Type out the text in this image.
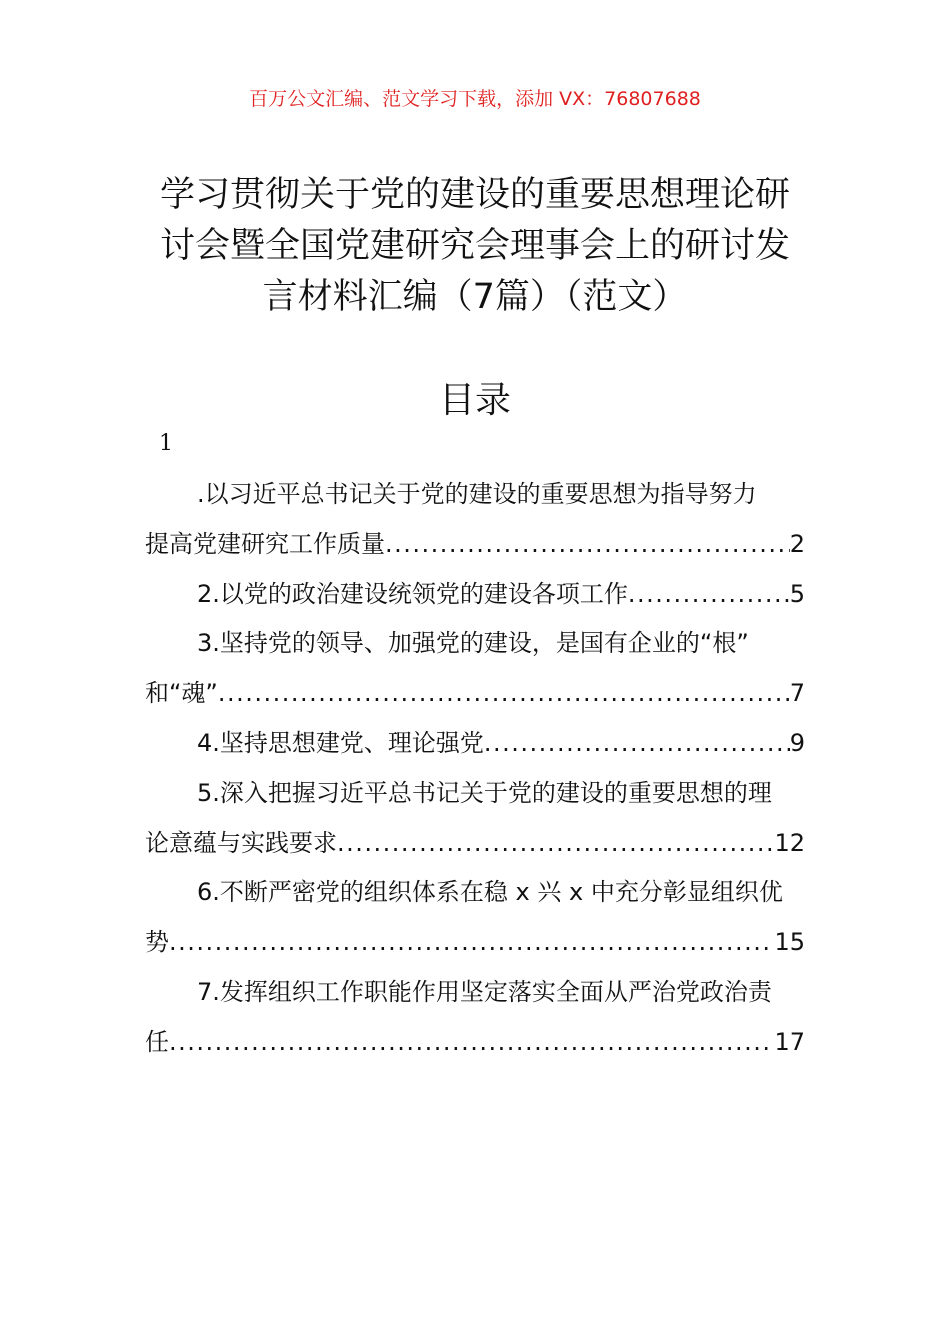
百万公文汇编、范文学习下载，添加 VX：76807688
学习贯彻关于党的建设的重要思想理论研
讨会暨全国党建研究会理事会上的研讨发
言材料汇编（7篇）（范文）
目录
1
.以习近平总书记关于党的建设的重要思想为指导努力
提高党建研究工作质量 .....	2
2.以党的政治建设统领党的建设各项工作 .....	5
3.坚持党的领导、加强党的建设，是国有企业的“根”
和“魂” .....	7
4.坚持思想建党、理论强党 .....	9
5.深入把握习近平总书记关于党的建设的重要思想的理
论意蕴与实践要求 .....	12
6.不断严密党的组织体系在稳 x 兴 x 中充分彰显组织优
势 .....	15
7.发挥组织工作职能作用坚定落实全面从严治党政治责
任 .....	17
